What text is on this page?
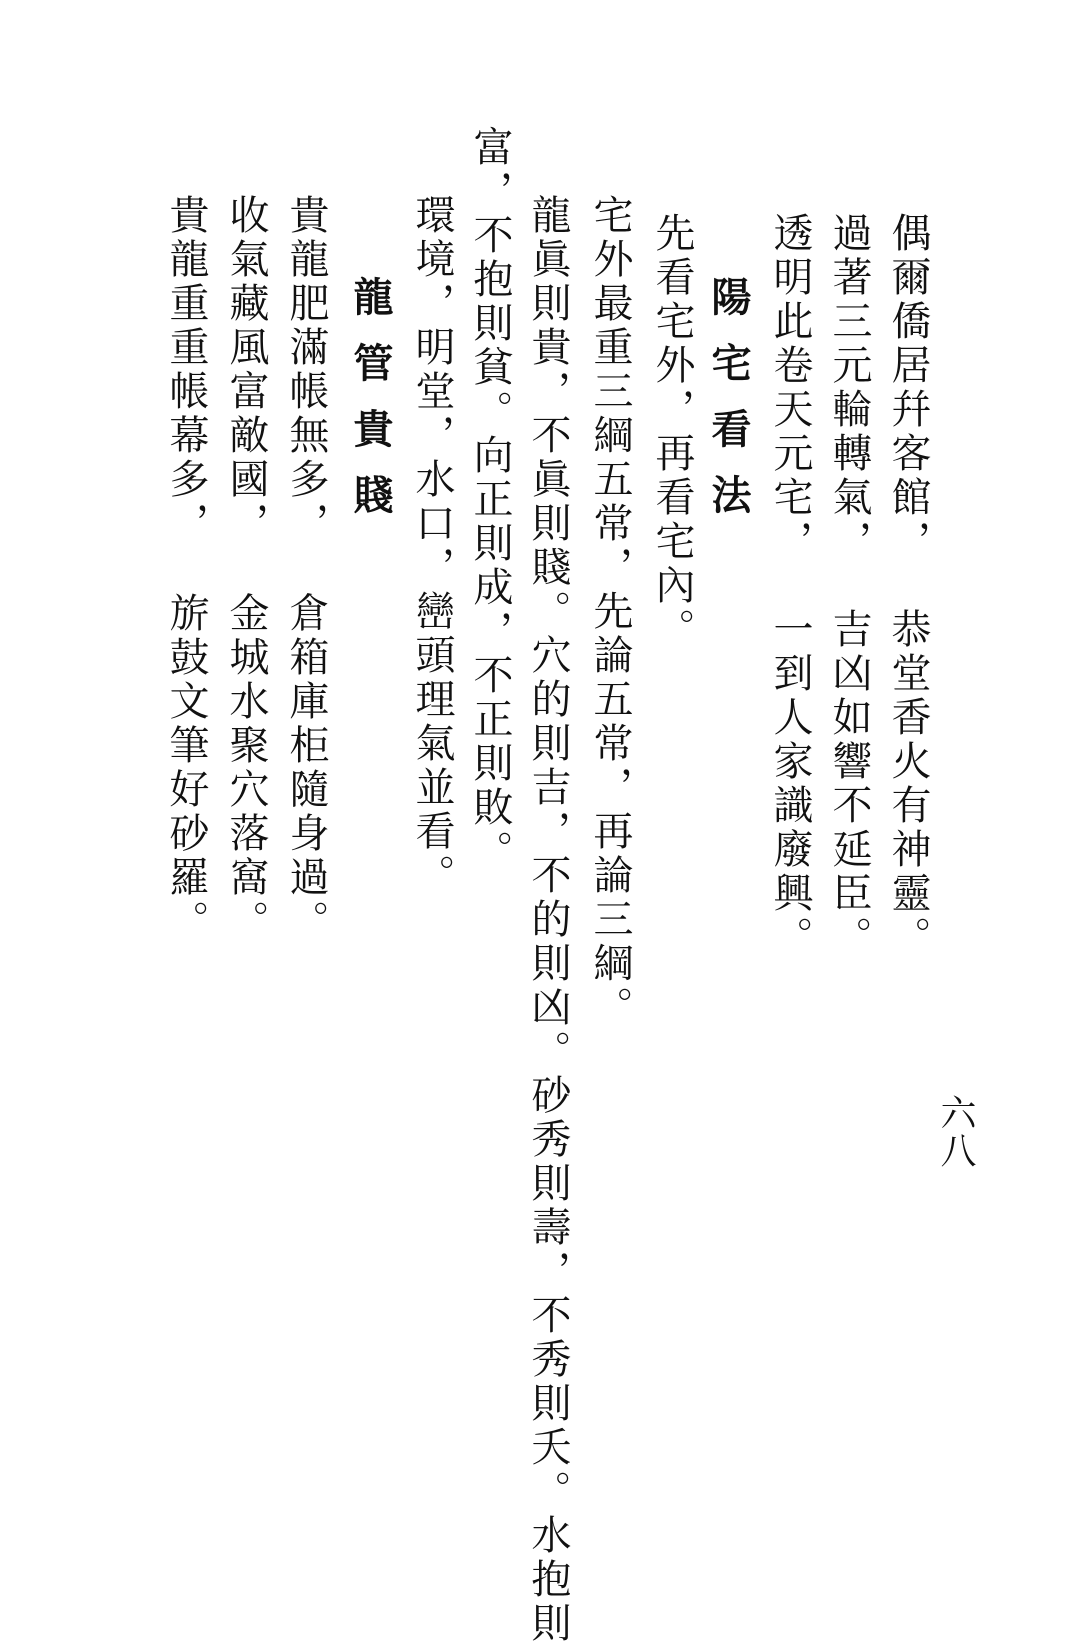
偶爾僑居幷客館，
過著三元輪轉氣，
透明此卷天元宅，
恭堂香火有神靈。
吉凶如響不延臣。
一到人家識廢興。
陽宅看法
先看宅外，再看宅內。
宅外最重三綱五常，先論五常，再論三綱。
龍眞則貴，不眞則賤。穴的則吉，不的則凶。砂秀則壽，不秀則夭。水抱則
富，不抱則貧。向正則成，不正則敗。
環境，明堂，水口，巒頭理氣並看。
龍管貴賤
貴龍肥滿帳無多，
收氣藏風富敵國，
貴龍重重帳幕多，
倉箱庫柜隨身過。
金城水聚穴落窩。
旂鼓文筆好砂羅。
六八
